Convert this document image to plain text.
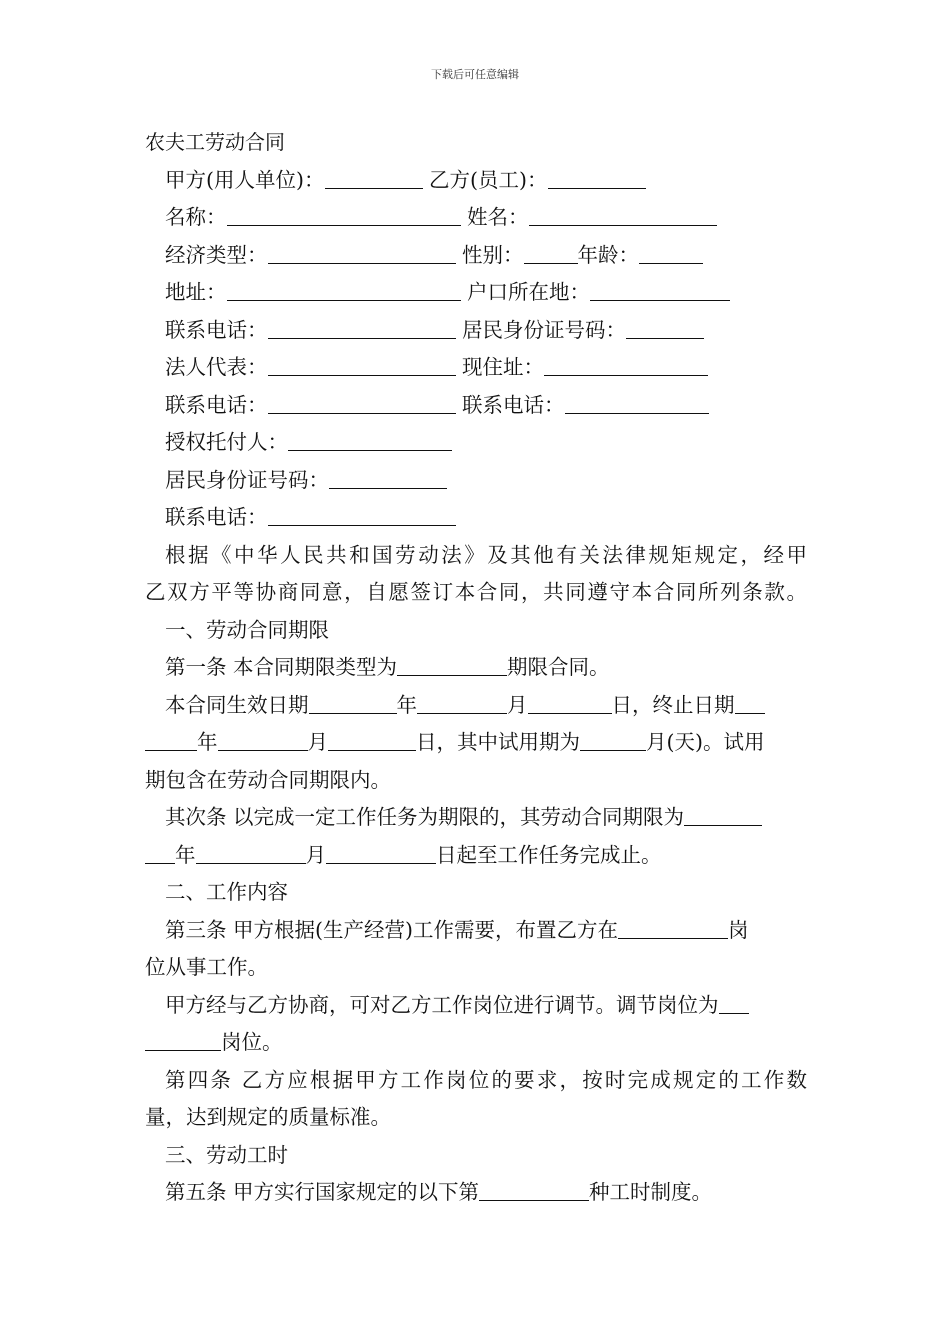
下载后可任意编辑
农夫工劳动合同
甲方(用人单位)：	乙方(员工)：
名称：	姓名：
经济类型：	性别：	年龄：
地址：	户口所在地：
联系电话：	居民身份证号码：
法人代表：	现住址：
联系电话：	联系电话：
授权托付人：
居民身份证号码：
联系电话：
根据《中华人民共和国劳动法》及其他有关法律规矩规定，经甲
乙双方平等协商同意，自愿签订本合同，共同遵守本合同所列条款。
一、劳动合同期限
第一条 本合同期限类型为	期限合同。
本合同生效日期	年	月	日，终止日期
年	月	日，其中试用期为	月(天)。试用
期包含在劳动合同期限内。
其次条 以完成一定工作任务为期限的，其劳动合同期限为
年	月	日起至工作任务完成止。
二、工作内容
第三条 甲方根据(生产经营)工作需要，布置乙方在	岗
位从事工作。
甲方经与乙方协商，可对乙方工作岗位进行调节。调节岗位为
岗位。
第四条 乙方应根据甲方工作岗位的要求，按时完成规定的工作数
量，达到规定的质量标准。
三、劳动工时
第五条 甲方实行国家规定的以下第	种工时制度。
